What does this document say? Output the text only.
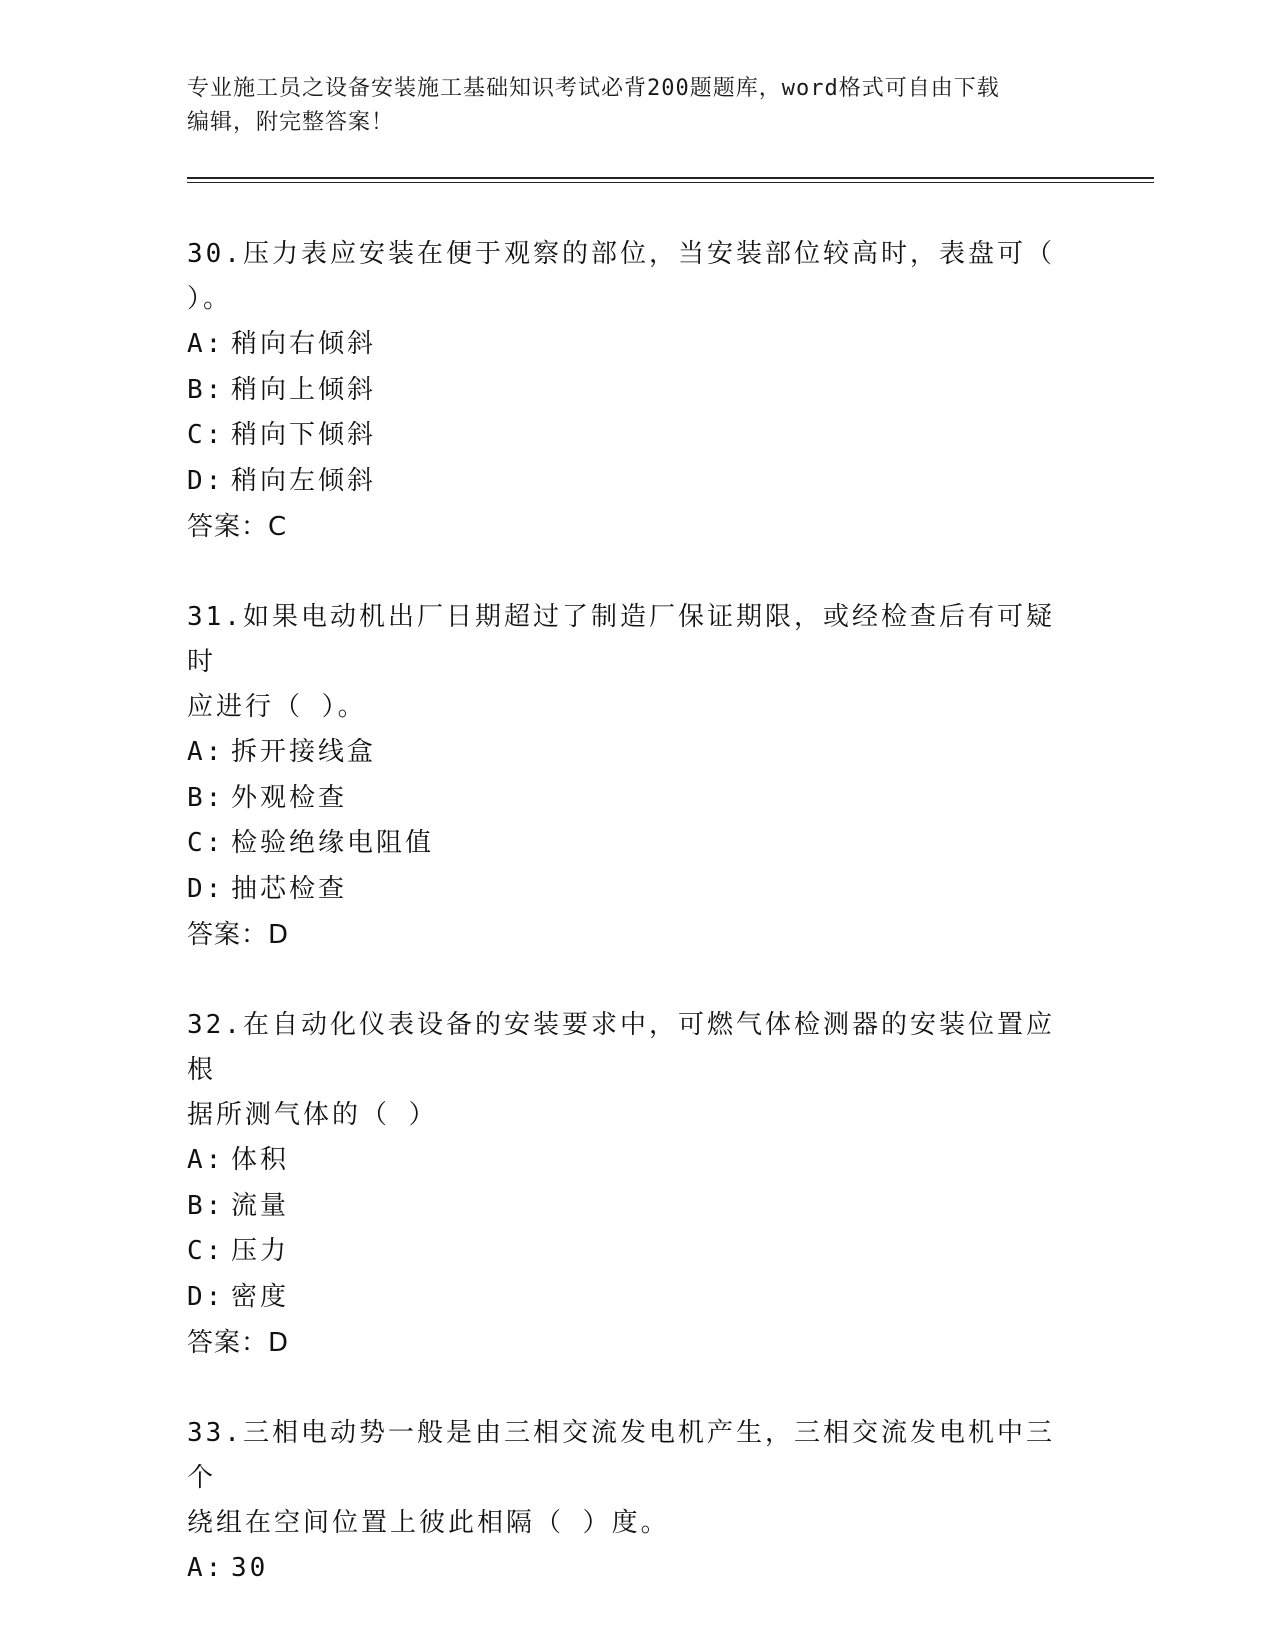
专业施工员之设备安装施工基础知识考试必背200题题库，word格式可自由下载
编辑，附完整答案！

30.压力表应安装在便于观察的部位，当安装部位较高时，表盘可（
）。

A: 稍向右倾斜

B: 稍向上倾斜

C: 稍向下倾斜

D: 稍向左倾斜

答案：C

31.如果电动机出厂日期超过了制造厂保证期限，或经检查后有可疑时
应进行（ ）。

A: 拆开接线盒

B: 外观检查

C: 检验绝缘电阻值

D: 抽芯检查

答案：D

32.在自动化仪表设备的安装要求中，可燃气体检测器的安装位置应根
据所测气体的（ ）

A: 体积

B: 流量

C: 压力

D: 密度

答案：D

33.三相电动势一般是由三相交流发电机产生，三相交流发电机中三个
绕组在空间位置上彼此相隔（ ）度。

A: 30
